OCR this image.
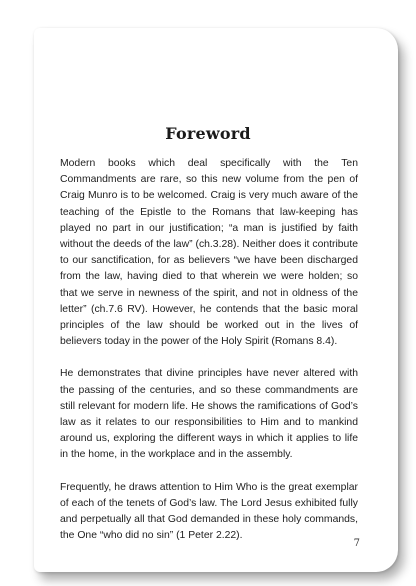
Foreword

Modern books which deal specifically with the Ten Commandments are rare, so this new volume from the pen of Craig Munro is to be welcomed. Craig is very much aware of the teaching of the Epistle to the Romans that law-keeping has played no part in our justification; “a man is justified by faith without the deeds of the law” (ch.3.28). Neither does it contribute to our sanctification, for as believers “we have been discharged from the law, having died to that wherein we were holden; so that we serve in newness of the spirit, and not in oldness of the letter” (ch.7.6 RV). However, he contends that the basic moral principles of the law should be worked out in the lives of believers today in the power of the Holy Spirit (Romans 8.4).

He demonstrates that divine principles have never altered with the passing of the centuries, and so these commandments are still relevant for modern life. He shows the ramifications of God’s law as it relates to our responsibilities to Him and to mankind around us, exploring the different ways in which it applies to life in the home, in the workplace and in the assembly.

Frequently, he draws attention to Him Who is the great exemplar of each of the tenets of God’s law. The Lord Jesus exhibited fully and perpetually all that God demanded in these holy commands, the One “who did no sin” (1 Peter 2.22).

7
